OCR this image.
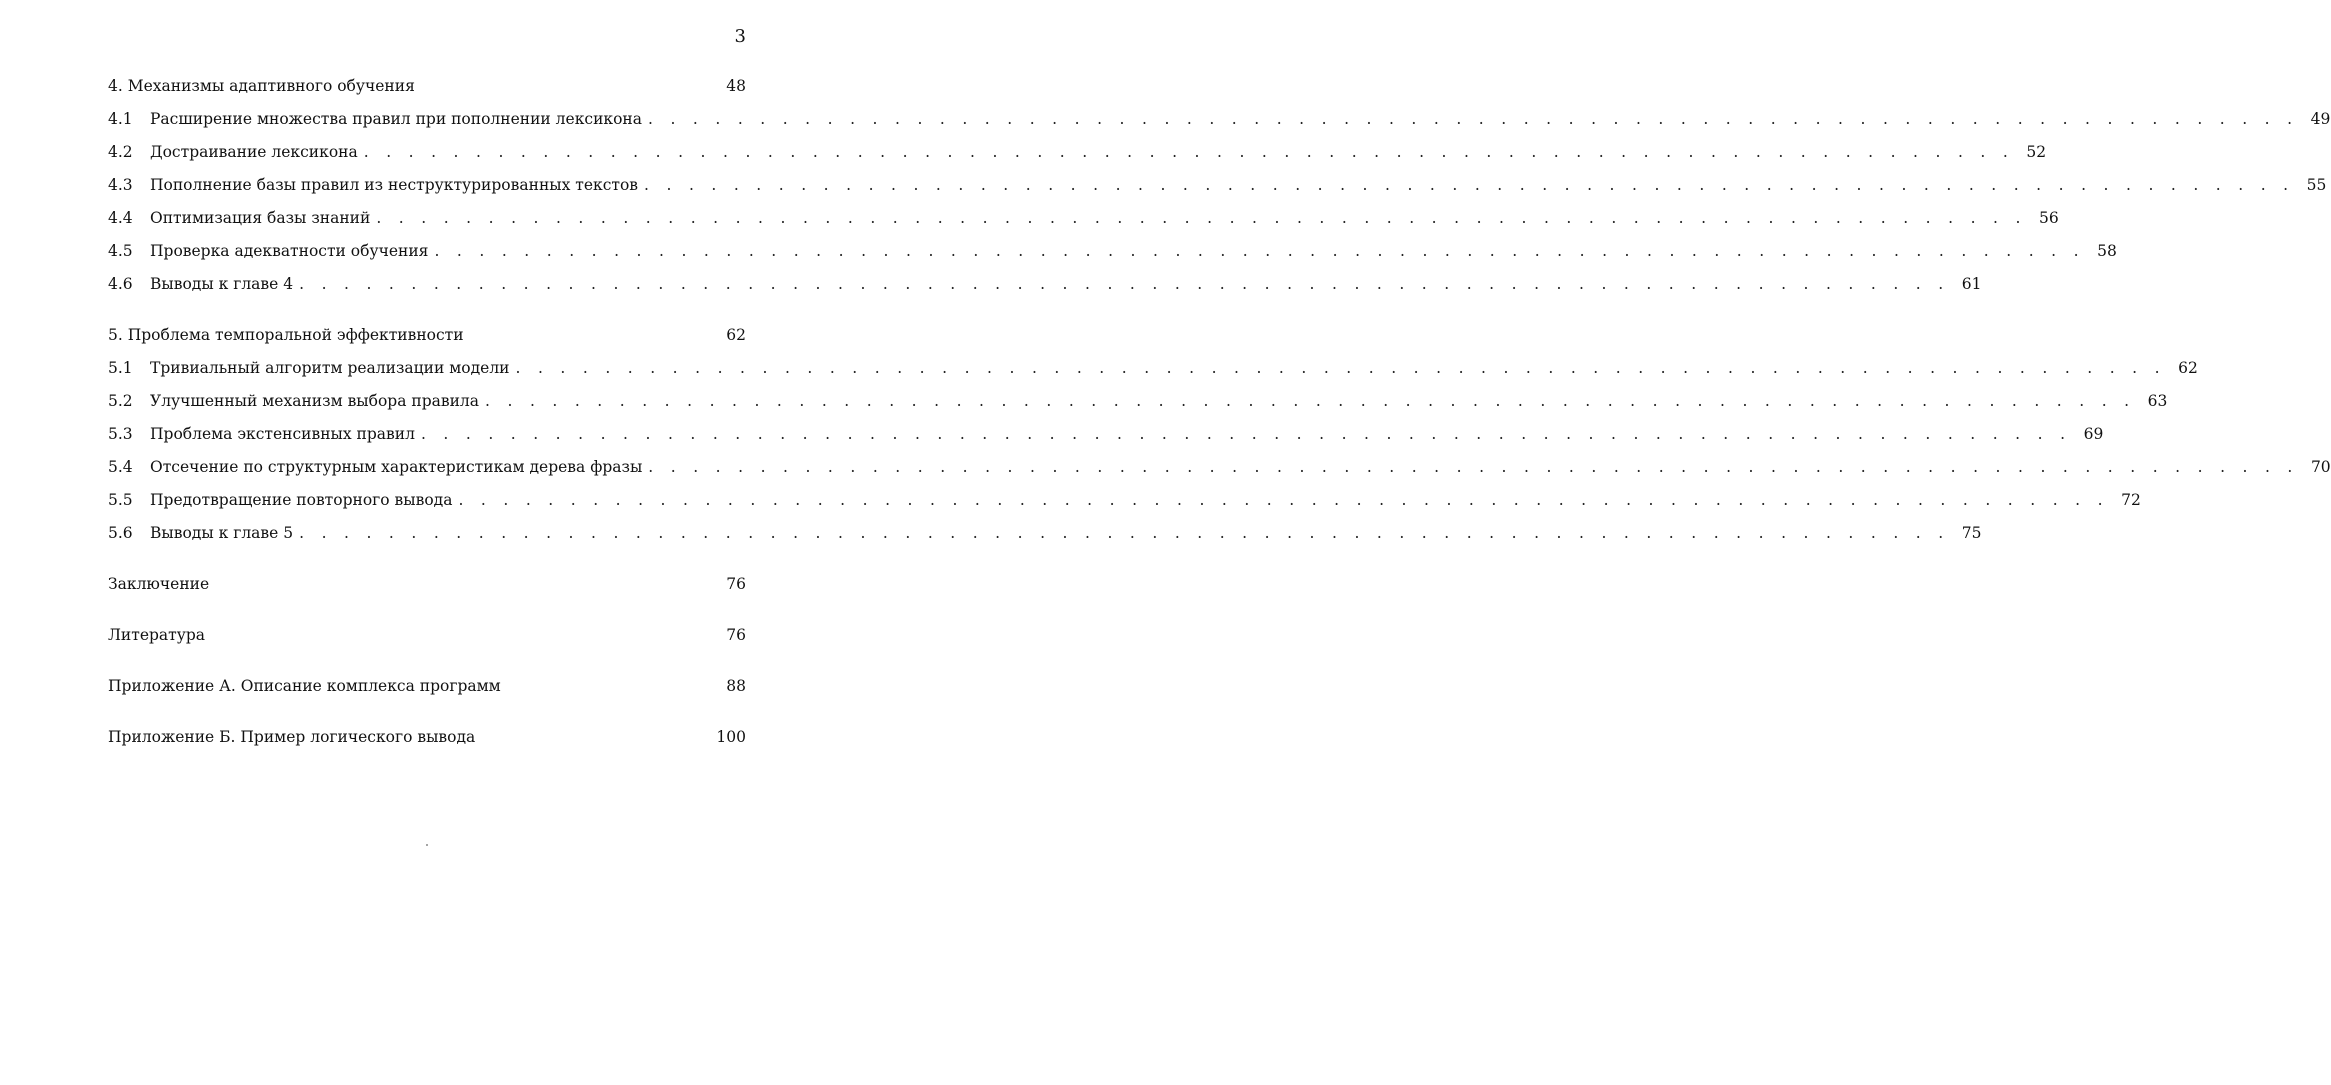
3
4. Механизмы адаптивного обучения	48
4.1	Расширение множества правил при пополнении лексикона . . .	49
4.2	Достраивание лексикона . . .	52
4.3	Пополнение базы правил из неструктурированных текстов . . .	55
4.4	Оптимизация базы знаний . . .	56
4.5	Проверка адекватности обучения . . .	58
4.6	Выводы к главе 4 . . .	61
5. Проблема темпоральной эффективности	62
5.1	Тривиальный алгоритм реализации модели . . .	62
5.2	Улучшенный механизм выбора правила . . .	63
5.3	Проблема экстенсивных правил . . .	69
5.4	Отсечение по структурным характеристикам дерева фразы . . .	70
5.5	Предотвращение повторного вывода . . .	72
5.6	Выводы к главе 5 . . .	75
Заключение	76
Литература	76
Приложение А. Описание комплекса программ	88
Приложение Б. Пример логического вывода	100
